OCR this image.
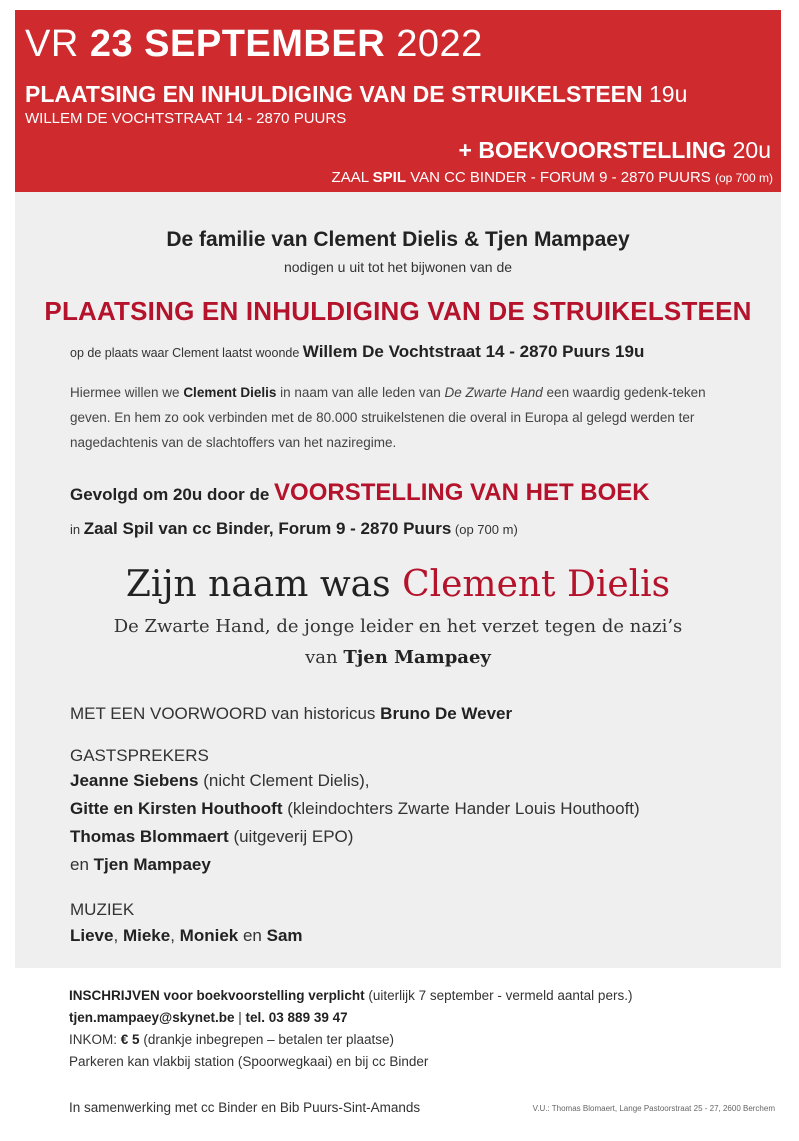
VR 23 SEPTEMBER 2022
PLAATSING EN INHULDIGING VAN DE STRUIKELSTEEN 19u
WILLEM DE VOCHTSTRAAT 14 - 2870 PUURS
+ BOEKVOORSTELLING 20u
ZAAL SPIL VAN CC BINDER - FORUM 9 - 2870 PUURS (op 700 m)
De familie van Clement Dielis & Tjen Mampaey
nodigen u uit tot het bijwonen van de
PLAATSING EN INHULDIGING VAN DE STRUIKELSTEEN
op de plaats waar Clement laatst woonde Willem De Vochtstraat 14 - 2870 Puurs 19u
Hiermee willen we Clement Dielis in naam van alle leden van De Zwarte Hand een waardig gedenk-teken geven. En hem zo ook verbinden met de 80.000 struikelstenen die overal in Europa al gelegd werden ter nagedachtenis van de slachtoffers van het naziregime.
Gevolgd om 20u door de VOORSTELLING VAN HET BOEK
in Zaal Spil van cc Binder, Forum 9 - 2870 Puurs (op 700 m)
Zijn naam was Clement Dielis
De Zwarte Hand, de jonge leider en het verzet tegen de nazi’s
van Tjen Mampaey
MET EEN VOORWOORD van historicus Bruno De Wever
GASTSPREKERS
Jeanne Siebens (nicht Clement Dielis),
Gitte en Kirsten Houthooft (kleindochters Zwarte Hander Louis Houthooft)
Thomas Blommaert (uitgeverij EPO)
en Tjen Mampaey
MUZIEK
Lieve, Mieke, Moniek en Sam
INSCHRIJVEN voor boekvoorstelling verplicht (uiterlijk 7 september - vermeld aantal pers.)
tjen.mampaey@skynet.be | tel. 03 889 39 47
INKOM: € 5 (drankje inbegrepen – betalen ter plaatse)
Parkeren kan vlakbij station (Spoorwegkaai) en bij cc Binder
In samenwerking met cc Binder en Bib Puurs-Sint-Amands	V.U.: Thomas Blomaert, Lange Pastoorstraat 25 - 27, 2600 Berchem
